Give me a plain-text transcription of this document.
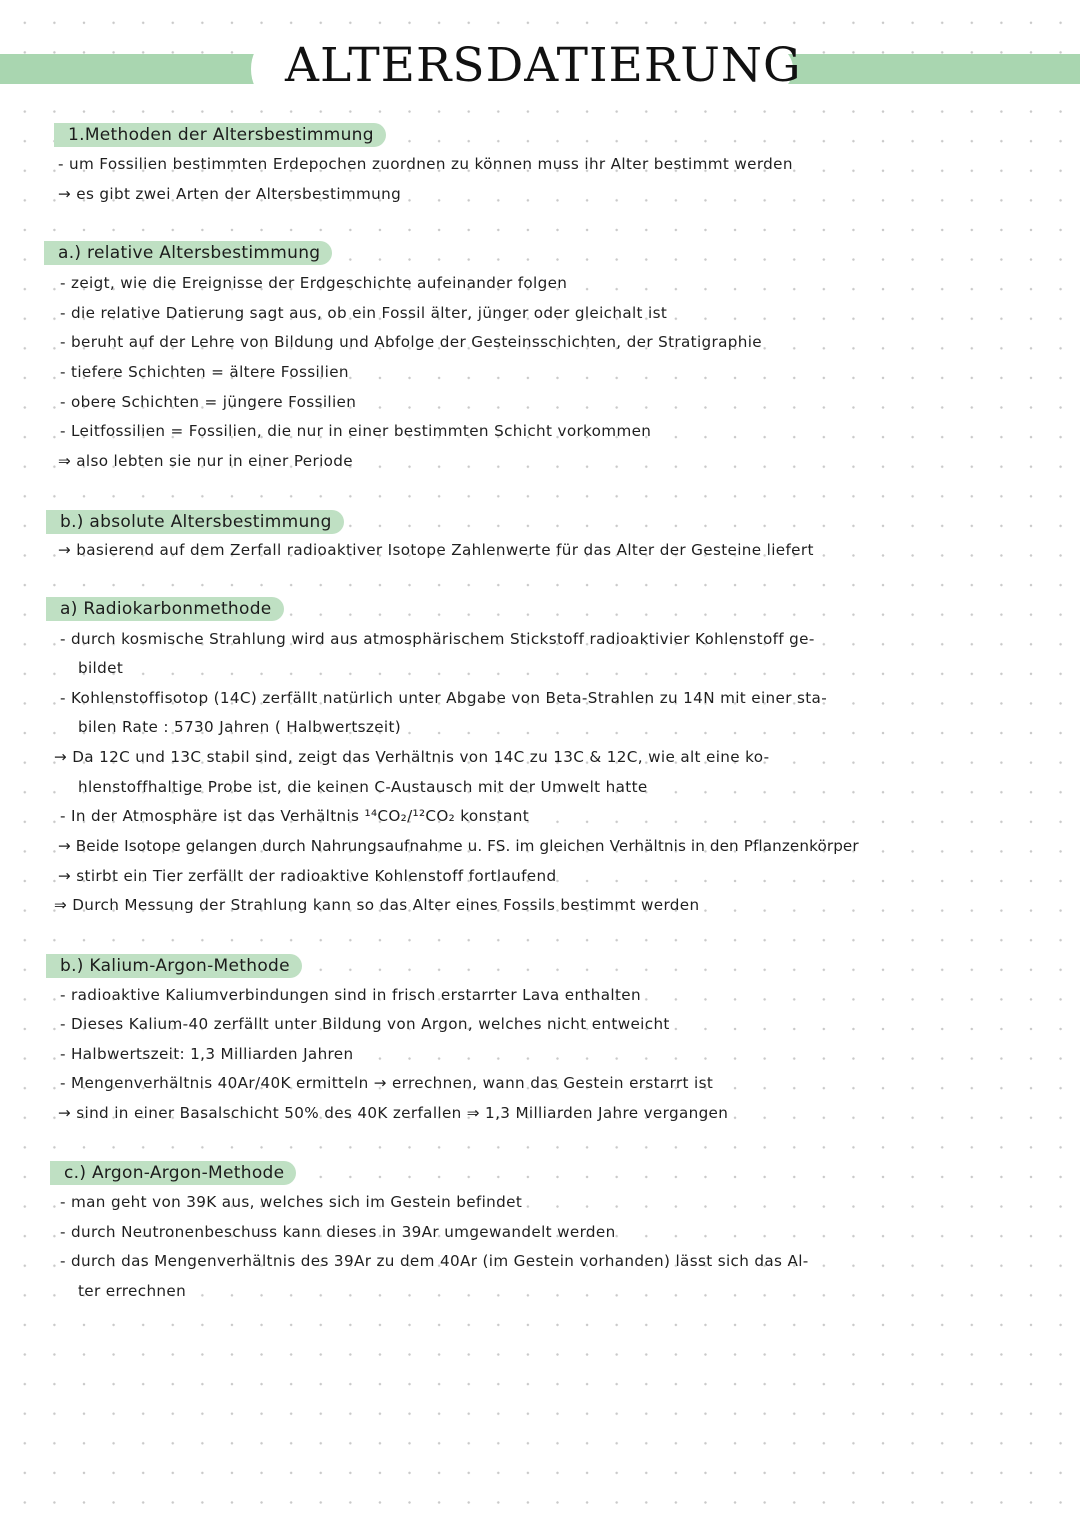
ALTERSDATIERUNG
1.Methoden der Altersbestimmung
- um Fossilien bestimmten Erdepochen zuordnen zu können muss ihr Alter bestimmt werden
→ es gibt zwei Arten der Altersbestimmung
a.) relative Altersbestimmung
- zeigt, wie die Ereignisse der Erdgeschichte aufeinander folgen
- die relative Datierung sagt aus, ob ein Fossil älter, jünger oder gleichalt ist
- beruht auf der Lehre von Bildung und Abfolge der Gesteinsschichten, der Stratigraphie
- tiefere Schichten = ältere Fossilien
- obere Schichten = jüngere Fossilien
- Leitfossilien = Fossilien, die nur in einer bestimmten Schicht vorkommen
⇒ also lebten sie nur in einer Periode
b.) absolute Altersbestimmung
→ basierend auf dem Zerfall radioaktiver Isotope Zahlenwerte für das Alter der Gesteine liefert
a) Radiokarbonmethode
- durch kosmische Strahlung wird aus atmosphärischem Stickstoff radioaktivier Kohlenstoff ge-
bildet
- Kohlenstoffisotop (14C) zerfällt natürlich unter Abgabe von Beta-Strahlen zu 14N mit einer sta-
bilen Rate : 5730 Jahren ( Halbwertszeit)
→ Da 12C und 13C stabil sind, zeigt das Verhältnis von 14C zu 13C & 12C, wie alt eine ko-
hlenstoffhaltige Probe ist, die keinen C-Austausch mit der Umwelt hatte
- In der Atmosphäre ist das Verhältnis ¹⁴CO₂/¹²CO₂ konstant
→ Beide Isotope gelangen durch Nahrungsaufnahme u. FS. im gleichen Verhältnis in den Pflanzenkörper
→ stirbt ein Tier zerfällt der radioaktive Kohlenstoff fortlaufend
⇒ Durch Messung der Strahlung kann so das Alter eines Fossils bestimmt werden
b.) Kalium-Argon-Methode
- radioaktive Kaliumverbindungen sind in frisch erstarrter Lava enthalten
- Dieses Kalium-40 zerfällt unter Bildung von Argon, welches nicht entweicht
- Halbwertszeit: 1,3 Milliarden Jahren
- Mengenverhältnis 40Ar/40K ermitteln → errechnen, wann das Gestein erstarrt ist
→ sind in einer Basalschicht 50% des 40K zerfallen ⇒ 1,3 Milliarden Jahre vergangen
c.) Argon-Argon-Methode
- man geht von 39K aus, welches sich im Gestein befindet
- durch Neutronenbeschuss kann dieses in 39Ar umgewandelt werden
- durch das Mengenverhältnis des 39Ar zu dem 40Ar (im Gestein vorhanden) lässt sich das Al-
ter errechnen
